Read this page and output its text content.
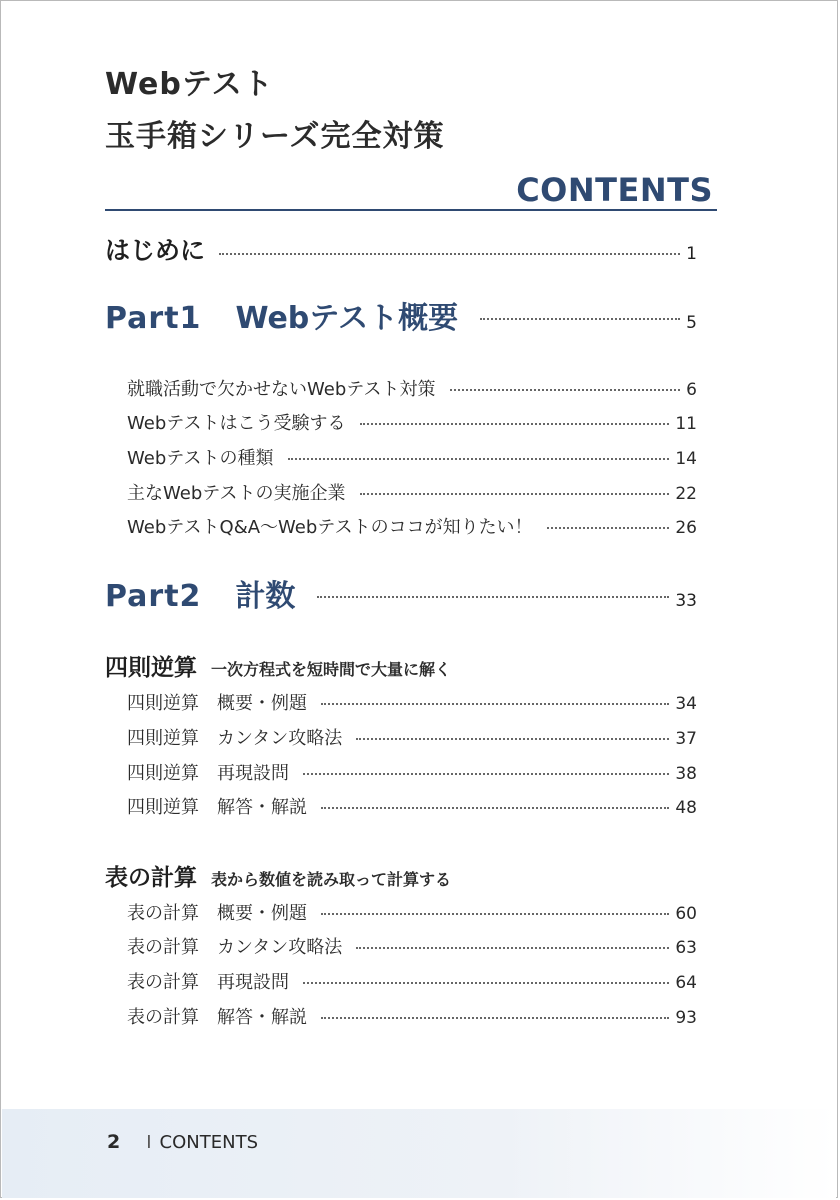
Webテスト
玉手箱シリーズ完全対策
CONTENTS
はじめに	1
Part1 Webテスト概要	5
就職活動で欠かせないWebテスト対策	6
Webテストはこう受験する	11
Webテストの種類	14
主なWebテストの実施企業	22
WebテストQ&A～Webテストのココが知りたい！	26
Part2 計数	33
四則逆算 一次方程式を短時間で大量に解く
四則逆算 概要・例題	34
四則逆算 カンタン攻略法	37
四則逆算 再現設問	38
四則逆算 解答・解説	48
表の計算 表から数値を読み取って計算する
表の計算 概要・例題	60
表の計算 カンタン攻略法	63
表の計算 再現設問	64
表の計算 解答・解説	93
2 I CONTENTS
